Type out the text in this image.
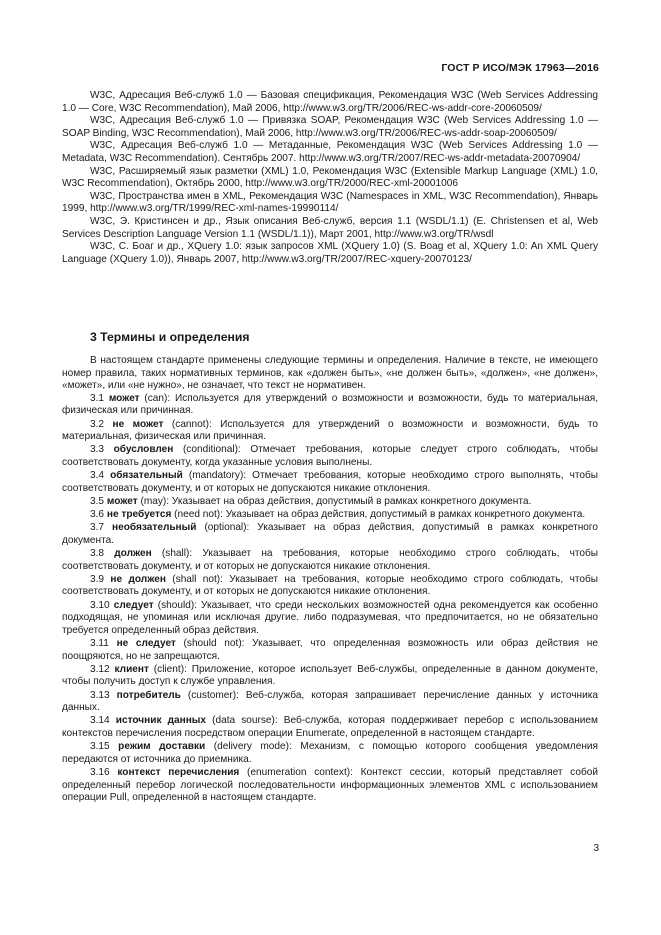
ГОСТ Р ИСО/МЭК 17963—2016

W3C, Адресация Веб-служб 1.0 — Базовая спецификация, Рекомендация W3C (Web Services Addressing 1.0 — Core, W3C Recommendation), Май 2006, http://www.w3.org/TR/2006/REC-ws-addr-core-20060509/

W3C, Адресация Веб-служб 1.0 — Привязка SOAP, Рекомендация W3C (Web Services Addressing 1.0 — SOAP Binding, W3C Recommendation), Май 2006, http://www.w3.org/TR/2006/REC-ws-addr-soap-20060509/

W3C, Адресация Веб-служб 1.0 — Метаданные, Рекомендация W3C (Web Services Addressing 1.0 — Metadata, W3C Recommendation). Сентябрь 2007. http://www.w3.org/TR/2007/REC-ws-addr-metadata-20070904/

W3C, Расширяемый язык разметки (XML) 1.0, Рекомендация W3C (Extensible Markup Language (XML) 1.0, W3C Recommendation), Октябрь 2000, http://www.w3.org/TR/2000/REC-xml-20001006

W3C, Пространства имен в XML, Рекомендация W3C (Namespaces in XML, W3C Recommendation), Январь 1999, http://www.w3.org/TR/1999/REC-xml-names-19990114/

W3C, Э. Кристинсен и др., Язык описания Веб-служб, версия 1.1 (WSDL/1.1) (E. Christensen et al, Web Services Description Language Version 1.1 (WSDL/1.1)), Март 2001, http://www.w3.org/TR/wsdl

W3C, С. Боаг и др., XQuery 1.0: язык запросов XML (XQuery 1.0) (S. Boag et al, XQuery 1.0: An XML Query Language (XQuery 1.0)), Январь 2007, http://www.w3.org/TR/2007/REC-xquery-20070123/

3 Термины и определения

В настоящем стандарте применены следующие термины и определения. Наличие в тексте, не имеющего номер правила, таких нормативных терминов, как «должен быть», «не должен быть», «должен», «не должен», «может», или «не нужно», не означает, что текст не нормативен.

3.1 может (can): Используется для утверждений о возможности и возможности, будь то материальная, физическая или причинная.

3.2 не может (cannot): Используется для утверждений о возможности и возможности, будь то материальная, физическая или причинная.

3.3 обусловлен (conditional): Отмечает требования, которые следует строго соблюдать, чтобы соответствовать документу, когда указанные условия выполнены.

3.4 обязательный (mandatory): Отмечает требования, которые необходимо строго выполнять, чтобы соответствовать документу, и от которых не допускаются никакие отклонения.

3.5 может (may): Указывает на образ действия, допустимый в рамках конкретного документа.

3.6 не требуется (need not): Указывает на образ действия, допустимый в рамках конкретного документа.

3.7 необязательный (optional): Указывает на образ действия, допустимый в рамках конкретного документа.

3.8 должен (shall): Указывает на требования, которые необходимо строго соблюдать, чтобы соответствовать документу, и от которых не допускаются никакие отклонения.

3.9 не должен (shall not): Указывает на требования, которые необходимо строго соблюдать, чтобы соответствовать документу, и от которых не допускаются никакие отклонения.

3.10 следует (should): Указывает, что среди нескольких возможностей одна рекомендуется как особенно подходящая, не упоминая или исключая другие. либо подразумевая, что предпочитается, но не обязательно требуется определенный образ действия.

3.11 не следует (should not): Указывает, что определенная возможность или образ действия не поощряются, но не запрещаются.

3.12 клиент (client): Приложение, которое использует Веб-службы, определенные в данном документе, чтобы получить доступ к службе управления.

3.13 потребитель (customer): Веб-служба, которая запрашивает перечисление данных у источника данных.

3.14 источник данных (data sourse): Веб-служба, которая поддерживает перебор с использованием контекстов перечисления посредством операции Enumerate, определенной в настоящем стандарте.

3.15 режим доставки (delivery mode): Механизм, с помощью которого сообщения уведомления передаются от источника до приемника.

3.16 контекст перечисления (enumeration context): Контекст сессии, который представляет собой определенный перебор логической последовательности информационных элементов XML с использованием операции Pull, определенной в настоящем стандарте.

3
